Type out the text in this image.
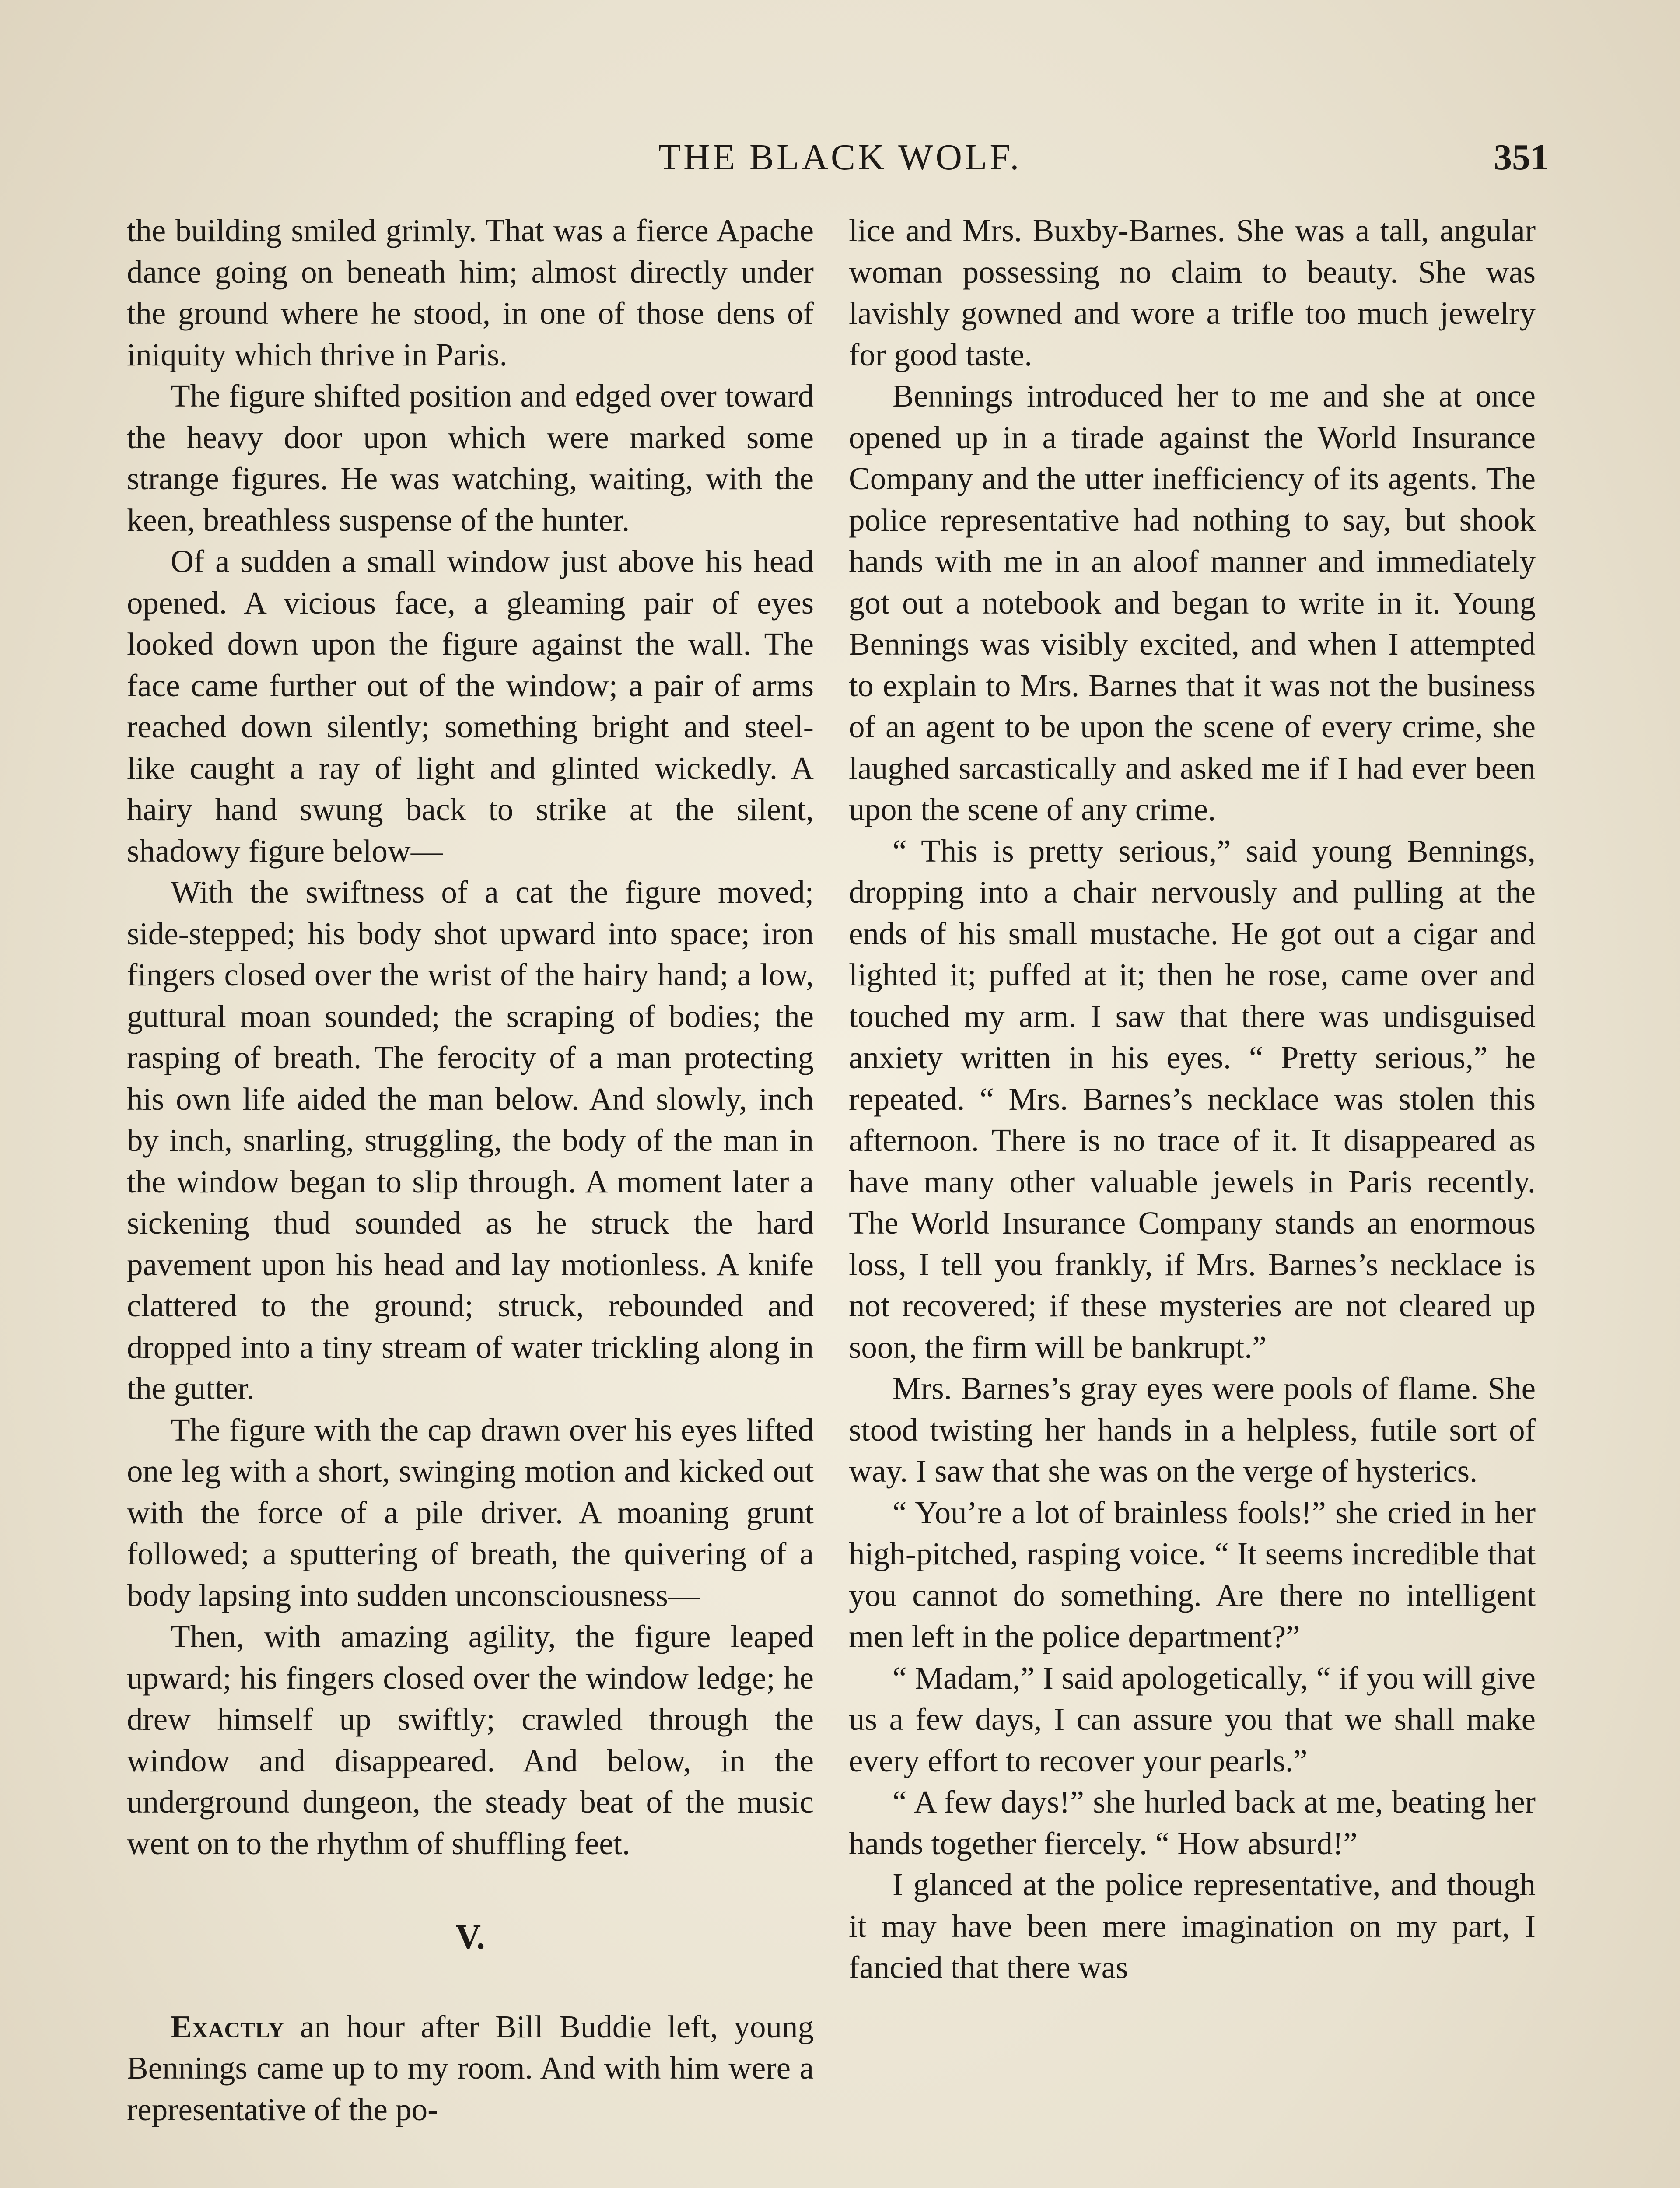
THE BLACK WOLF.	351

the building smiled grimly. That was a fierce Apache dance going on beneath him; almost directly under the ground where he stood, in one of those dens of iniquity which thrive in Paris.

The figure shifted position and edged over toward the heavy door upon which were marked some strange figures. He was watching, waiting, with the keen, breathless suspense of the hunter.

Of a sudden a small window just above his head opened. A vicious face, a gleaming pair of eyes looked down upon the figure against the wall. The face came further out of the window; a pair of arms reached down silently; something bright and steel-like caught a ray of light and glinted wickedly. A hairy hand swung back to strike at the silent, shadowy figure below—

With the swiftness of a cat the figure moved; side-stepped; his body shot upward into space; iron fingers closed over the wrist of the hairy hand; a low, guttural moan sounded; the scraping of bodies; the rasping of breath. The ferocity of a man protecting his own life aided the man below. And slowly, inch by inch, snarling, struggling, the body of the man in the window began to slip through. A moment later a sickening thud sounded as he struck the hard pavement upon his head and lay motionless. A knife clattered to the ground; struck, rebounded and dropped into a tiny stream of water trickling along in the gutter.

The figure with the cap drawn over his eyes lifted one leg with a short, swinging motion and kicked out with the force of a pile driver. A moaning grunt followed; a sputtering of breath, the quivering of a body lapsing into sudden unconsciousness—

Then, with amazing agility, the figure leaped upward; his fingers closed over the window ledge; he drew himself up swiftly; crawled through the window and disappeared. And below, in the underground dungeon, the steady beat of the music went on to the rhythm of shuffling feet.

V.

Exactly an hour after Bill Buddie left, young Bennings came up to my room. And with him were a representative of the po-

lice and Mrs. Buxby-Barnes. She was a tall, angular woman possessing no claim to beauty. She was lavishly gowned and wore a trifle too much jewelry for good taste.

Bennings introduced her to me and she at once opened up in a tirade against the World Insurance Company and the utter inefficiency of its agents. The police representative had nothing to say, but shook hands with me in an aloof manner and immediately got out a notebook and began to write in it. Young Bennings was visibly excited, and when I attempted to explain to Mrs. Barnes that it was not the business of an agent to be upon the scene of every crime, she laughed sarcastically and asked me if I had ever been upon the scene of any crime.

“ This is pretty serious,” said young Bennings, dropping into a chair nervously and pulling at the ends of his small mustache. He got out a cigar and lighted it; puffed at it; then he rose, came over and touched my arm. I saw that there was undisguised anxiety written in his eyes. “ Pretty serious,” he repeated. “ Mrs. Barnes’s necklace was stolen this afternoon. There is no trace of it. It disappeared as have many other valuable jewels in Paris recently. The World Insurance Company stands an enormous loss, I tell you frankly, if Mrs. Barnes’s necklace is not recovered; if these mysteries are not cleared up soon, the firm will be bankrupt.”

Mrs. Barnes’s gray eyes were pools of flame. She stood twisting her hands in a helpless, futile sort of way. I saw that she was on the verge of hysterics.

“ You’re a lot of brainless fools!” she cried in her high-pitched, rasping voice. “ It seems incredible that you cannot do something. Are there no intelligent men left in the police department?”

“ Madam,” I said apologetically, “ if you will give us a few days, I can assure you that we shall make every effort to recover your pearls.”

“ A few days!” she hurled back at me, beating her hands together fiercely. “ How absurd!”

I glanced at the police representative, and though it may have been mere imagination on my part, I fancied that there was
